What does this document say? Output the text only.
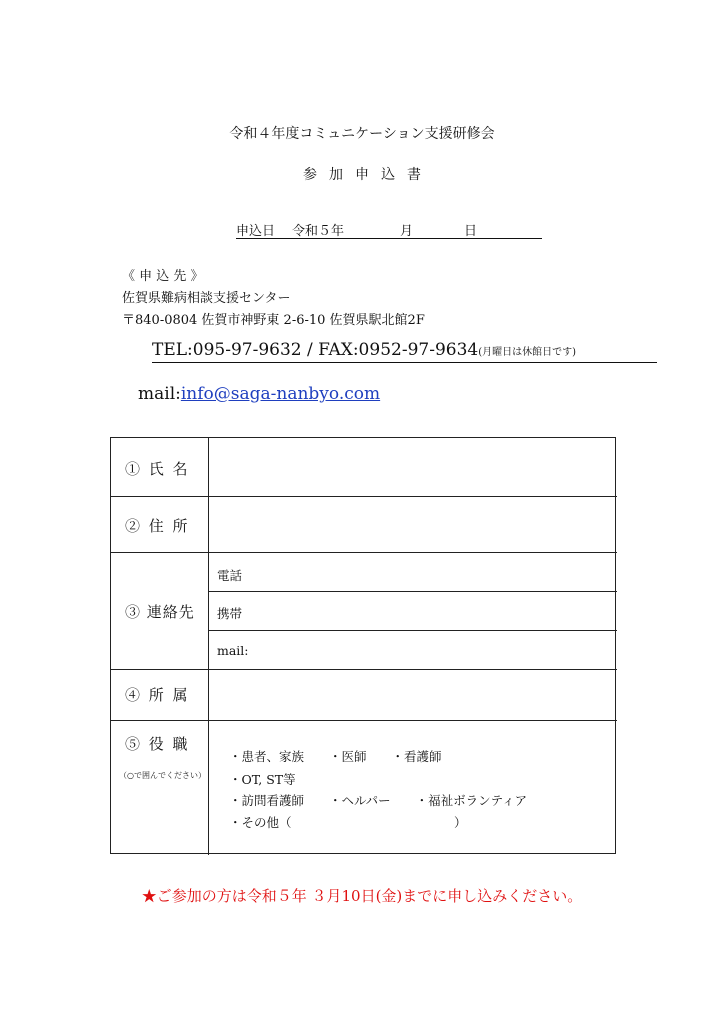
令和４年度コミュニケーション支援研修会
参加申込書
申込日 令和５年	月	日
《 申 込 先 》
佐賀県難病相談支援センター
〒840-0804 佐賀市神野東 2-6-10 佐賀県駅北館2F
TEL:095-97-9632 / FAX:0952-97-9634(月曜日は休館日です)
mail:info@saga-nanbyo.com
① 氏 名
② 住 所
③ 連絡先
④ 所 属
⑤ 役 職
（○で囲んでください）
電話
携帯
mail:
・患者、家族　　・医師　　・看護師
・OT, ST等
・訪問看護師　　・ヘルパー　　・福祉ボランティア
・その他（　　　　　　　　　　　　　）
★ご参加の方は令和５年 ３月10日(金)までに申し込みください。
